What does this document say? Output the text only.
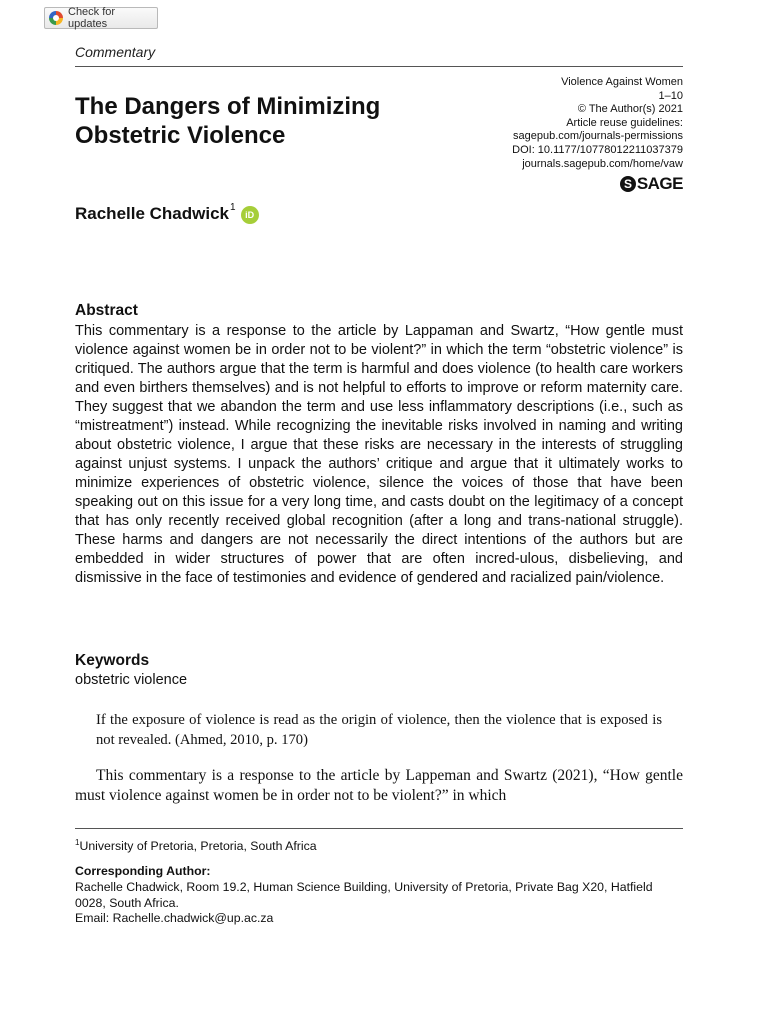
Check for updates
Commentary
The Dangers of Minimizing Obstetric Violence
Violence Against Women
1–10
© The Author(s) 2021
Article reuse guidelines:
sagepub.com/journals-permissions
DOI: 10.1177/10778012211037379
journals.sagepub.com/home/vaw
S SAGE
Rachelle Chadwick$^1$
iD
Abstract

This commentary is a response to the article by Lappaman and Swartz, “How gentle must violence against women be in order not to be violent?” in which the term “obstetric violence” is critiqued. The authors argue that the term is harmful and does violence (to health care workers and even birthers themselves) and is not helpful to efforts to improve or reform maternity care. They suggest that we abandon the term and use less inflammatory descriptions (i.e., such as “mistreatment”) instead. While recognizing the inevitable risks involved in naming and writing about obstetric violence, I argue that these risks are necessary in the interests of struggling against unjust systems. I unpack the authors’ critique and argue that it ultimately works to minimize experiences of obstetric violence, silence the voices of those that have been speaking out on this issue for a very long time, and casts doubt on the legitimacy of a concept that has only recently received global recognition (after a long and trans-national struggle). These harms and dangers are not necessarily the direct intentions of the authors but are embedded in wider structures of power that are often incred-ulous, disbelieving, and dismissive in the face of testimonies and evidence of gendered and racialized pain/violence.

Keywords
obstetric violence

If the exposure of violence is read as the origin of violence, then the violence that is exposed is not revealed. (Ahmed, 2010, p. 170)

This commentary is a response to the article by Lappeman and Swartz (2021), “How gentle must violence against women be in order not to be violent?” in which

$^1$University of Pretoria, Pretoria, South Africa
Corresponding Author:
Rachelle Chadwick, Room 19.2, Human Science Building, University of Pretoria, Private Bag X20, Hatfield 0028, South Africa.
Email: Rachelle.chadwick@up.ac.za
